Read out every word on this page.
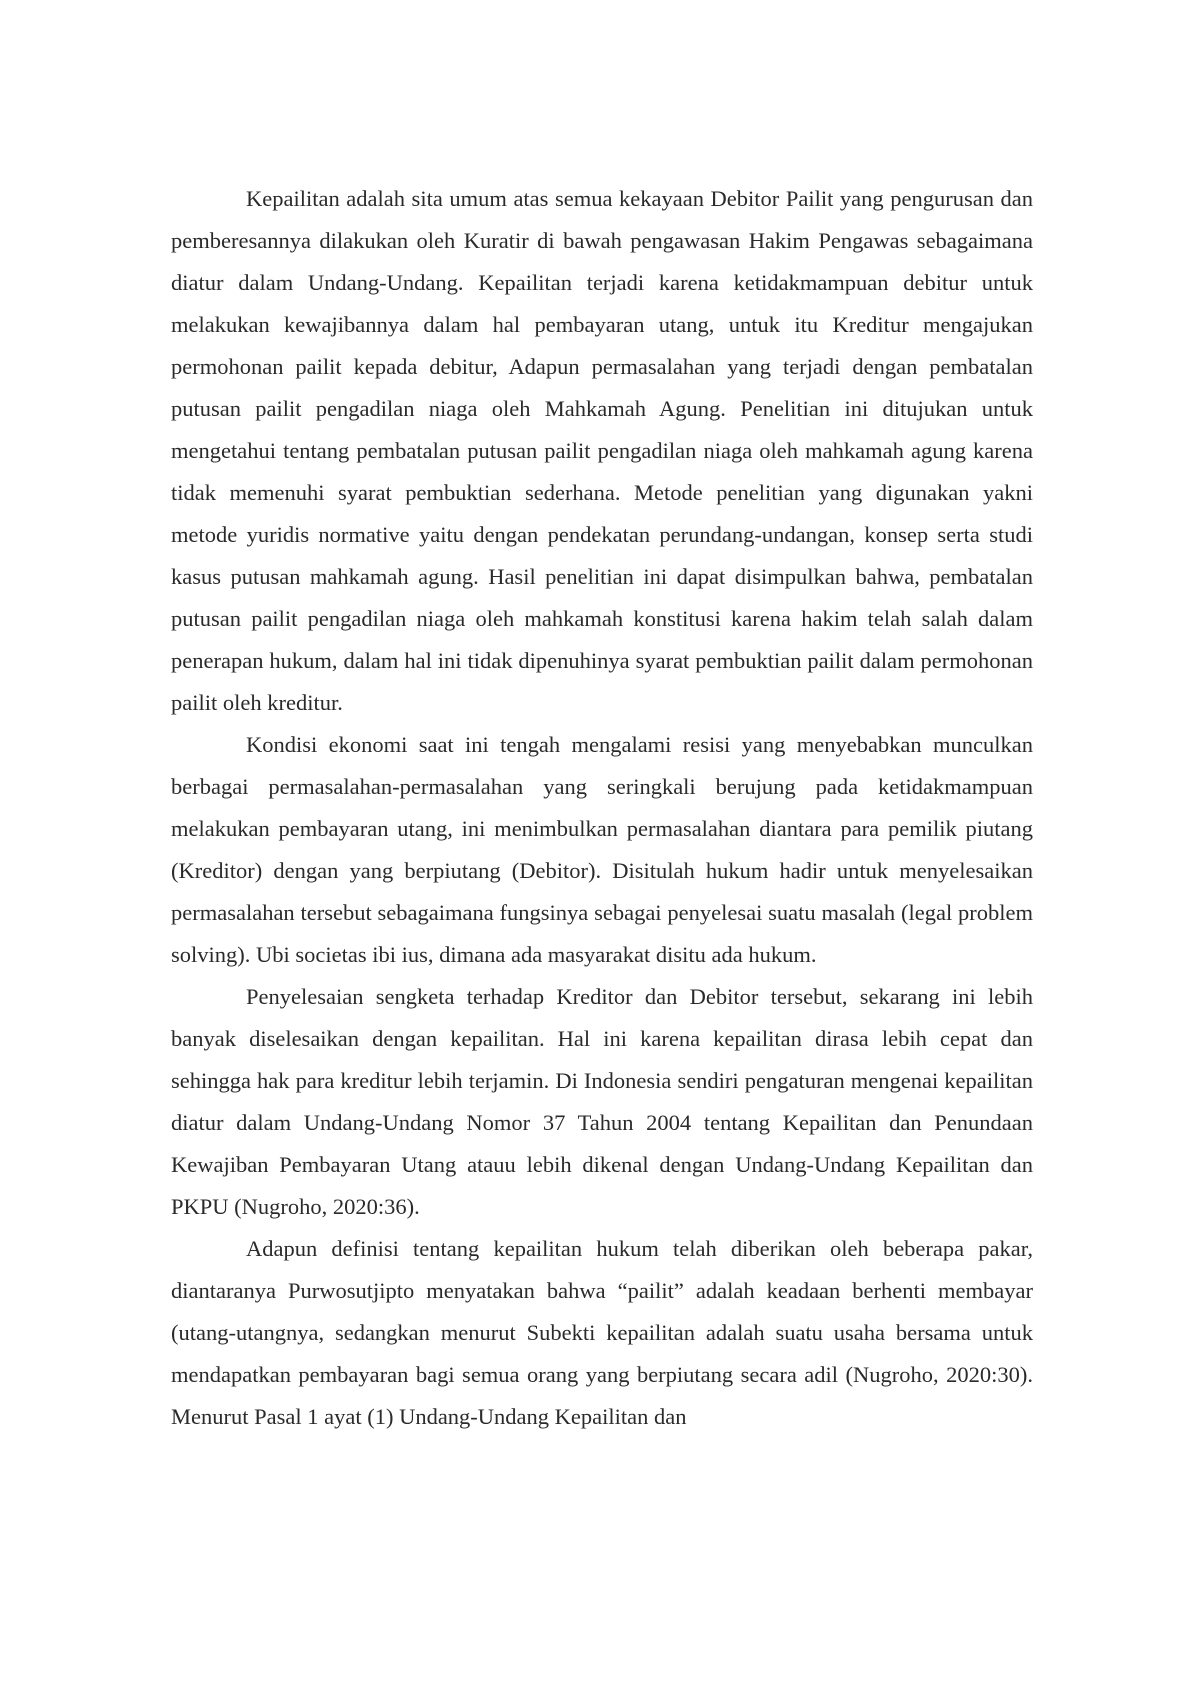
Kepailitan adalah sita umum atas semua kekayaan Debitor Pailit yang pengurusan dan pemberesannya dilakukan oleh Kuratir di bawah pengawasan Hakim Pengawas sebagaimana diatur dalam Undang-Undang. Kepailitan terjadi karena ketidakmampuan debitur untuk melakukan kewajibannya dalam hal pembayaran utang, untuk itu Kreditur mengajukan permohonan pailit kepada debitur, Adapun permasalahan yang terjadi dengan pembatalan putusan pailit pengadilan niaga oleh Mahkamah Agung. Penelitian ini ditujukan untuk mengetahui tentang pembatalan putusan pailit pengadilan niaga oleh mahkamah agung karena tidak memenuhi syarat pembuktian sederhana. Metode penelitian yang digunakan yakni metode yuridis normative yaitu dengan pendekatan perundang-undangan, konsep serta studi kasus putusan mahkamah agung. Hasil penelitian ini dapat disimpulkan bahwa, pembatalan putusan pailit pengadilan niaga oleh mahkamah konstitusi karena hakim telah salah dalam penerapan hukum, dalam hal ini tidak dipenuhinya syarat pembuktian pailit dalam permohonan pailit oleh kreditur.

Kondisi ekonomi saat ini tengah mengalami resisi yang menyebabkan munculkan berbagai permasalahan-permasalahan yang seringkali berujung pada ketidakmampuan melakukan pembayaran utang, ini menimbulkan permasalahan diantara para pemilik piutang (Kreditor) dengan yang berpiutang (Debitor). Disitulah hukum hadir untuk menyelesaikan permasalahan tersebut sebagaimana fungsinya sebagai penyelesai suatu masalah (legal problem solving). Ubi societas ibi ius, dimana ada masyarakat disitu ada hukum.

Penyelesaian sengketa terhadap Kreditor dan Debitor tersebut, sekarang ini lebih banyak diselesaikan dengan kepailitan. Hal ini karena kepailitan dirasa lebih cepat dan sehingga hak para kreditur lebih terjamin. Di Indonesia sendiri pengaturan mengenai kepailitan diatur dalam Undang-Undang Nomor 37 Tahun 2004 tentang Kepailitan dan Penundaan Kewajiban Pembayaran Utang atauu lebih dikenal dengan Undang-Undang Kepailitan dan PKPU (Nugroho, 2020:36).

Adapun definisi tentang kepailitan hukum telah diberikan oleh beberapa pakar, diantaranya Purwosutjipto menyatakan bahwa “pailit” adalah keadaan berhenti membayar (utang-utangnya, sedangkan menurut Subekti kepailitan adalah suatu usaha bersama untuk mendapatkan pembayaran bagi semua orang yang berpiutang secara adil (Nugroho, 2020:30). Menurut Pasal 1 ayat (1) Undang-Undang Kepailitan dan
